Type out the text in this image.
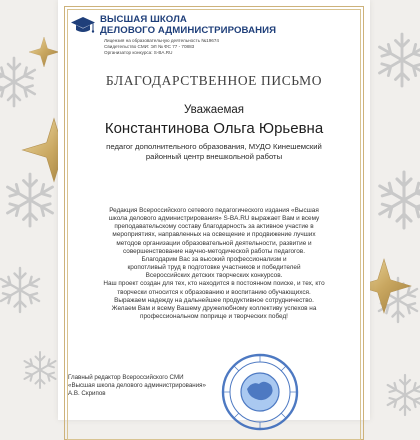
ВЫСШАЯ ШКОЛА
ДЕЛОВОГО АДМИНИСТРИРОВАНИЯ
Лицензия на образовательную деятельность №19674
Свидетельство СМИ: ЭЛ № ФС 77 - 70883
Организатор конкурса: S-BA.RU
БЛАГОДАРСТВЕННОЕ ПИСЬМО
Уважаемая
Константинова Ольга Юрьевна
педагог дополнительного образования, МУДО Кинешемский
районный центр внешкольной работы
Редакция Всероссийского сетевого педагогического издания «Высшая
школа делового администрирования» S-BA.RU выражает Вам и всему
преподавательскому составу благодарность за активное участие в
мероприятиях, направленных на освещение и продвижение лучших
методов организации образовательной деятельности, развитие и
совершенствование научно-методической работы педагогов.
Благодарим Вас за высокий профессионализм и
кропотливый труд в подготовке участников и победителей
Всероссийских детских творческих конкурсов.
Наш проект создан для тех, кто находится в постоянном поиске, и тех, кто
творчески относится к образованию и воспитанию обучающихся.
Выражаем надежду на дальнейшее продуктивное сотрудничество.
Желаем Вам и всему Вашему дружелюбному коллективу успехов на
профессиональном поприще и творческих побед!
Главный редактор Всероссийского СМИ
«Высшая школа делового администрирования»
А.В. Скрипов
